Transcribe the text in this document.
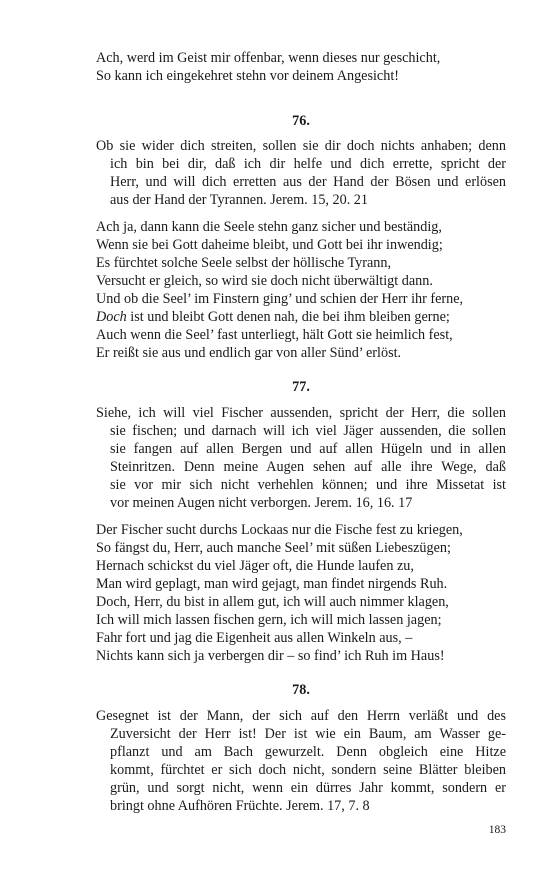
Ach, werd im Geist mir offenbar, wenn dieses nur geschicht,
So kann ich eingekehret stehn vor deinem Angesicht!
76.
Ob sie wider dich streiten, sollen sie dir doch nichts anhaben; denn
ich bin bei dir, daß ich dir helfe und dich errette, spricht der
Herr, und will dich erretten aus der Hand der Bösen und erlösen
aus der Hand der Tyrannen. Jerem. 15, 20. 21
Ach ja, dann kann die Seele stehn ganz sicher und beständig,
Wenn sie bei Gott daheime bleibt, und Gott bei ihr inwendig;
Es fürchtet solche Seele selbst der höllische Tyrann,
Versucht er gleich, so wird sie doch nicht überwältigt dann.
Und ob die Seel’ im Finstern ging’ und schien der Herr ihr ferne,
Doch ist und bleibt Gott denen nah, die bei ihm bleiben gerne;
Auch wenn die Seel’ fast unterliegt, hält Gott sie heimlich fest,
Er reißt sie aus und endlich gar von aller Sünd’ erlöst.
77.
Siehe, ich will viel Fischer aussenden, spricht der Herr, die sollen
sie fischen; und darnach will ich viel Jäger aussenden, die sollen
sie fangen auf allen Bergen und auf allen Hügeln und in allen
Steinritzen. Denn meine Augen sehen auf alle ihre Wege, daß
sie vor mir sich nicht verhehlen können; und ihre Missetat ist
vor meinen Augen nicht verborgen. Jerem. 16, 16. 17
Der Fischer sucht durchs Lockaas nur die Fische fest zu kriegen,
So fängst du, Herr, auch manche Seel’ mit süßen Liebeszügen;
Hernach schickst du viel Jäger oft, die Hunde laufen zu,
Man wird geplagt, man wird gejagt, man findet nirgends Ruh.
Doch, Herr, du bist in allem gut, ich will auch nimmer klagen,
Ich will mich lassen fischen gern, ich will mich lassen jagen;
Fahr fort und jag die Eigenheit aus allen Winkeln aus, –
Nichts kann sich ja verbergen dir – so find’ ich Ruh im Haus!
78.
Gesegnet ist der Mann, der sich auf den Herrn verläßt und des
Zuversicht der Herr ist! Der ist wie ein Baum, am Wasser ge-
pflanzt und am Bach gewurzelt. Denn obgleich eine Hitze
kommt, fürchtet er sich doch nicht, sondern seine Blätter bleiben
grün, und sorgt nicht, wenn ein dürres Jahr kommt, sondern er
bringt ohne Aufhören Früchte. Jerem. 17, 7. 8
183
